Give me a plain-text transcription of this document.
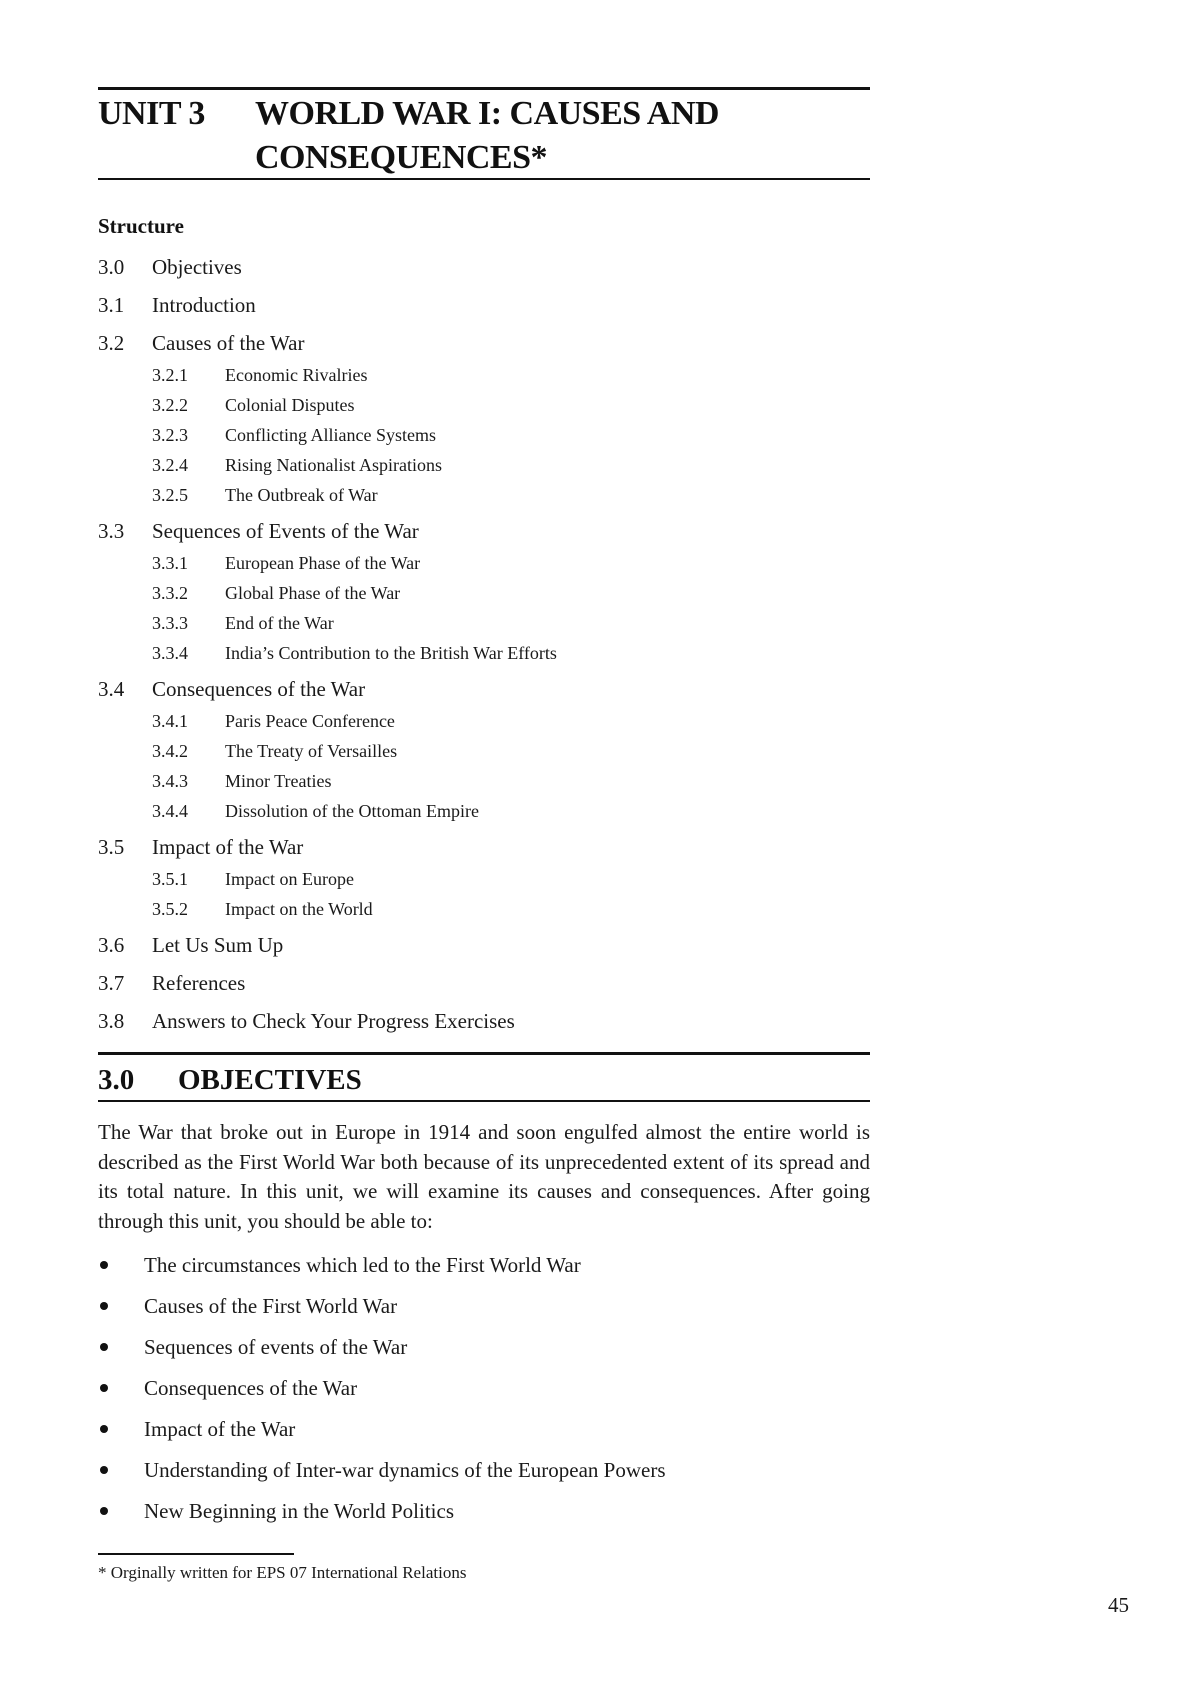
UNIT 3 WORLD WAR I: CAUSES AND
CONSEQUENCES*
Structure
3.0 Objectives
3.1 Introduction
3.2 Causes of the War
3.2.1 Economic Rivalries
3.2.2 Colonial Disputes
3.2.3 Conflicting Alliance Systems
3.2.4 Rising Nationalist Aspirations
3.2.5 The Outbreak of War
3.3 Sequences of Events of the War
3.3.1 European Phase of the War
3.3.2 Global Phase of the War
3.3.3 End of the War
3.3.4 India’s Contribution to the British War Efforts
3.4 Consequences of the War
3.4.1 Paris Peace Conference
3.4.2 The Treaty of Versailles
3.4.3 Minor Treaties
3.4.4 Dissolution of the Ottoman Empire
3.5 Impact of the War
3.5.1 Impact on Europe
3.5.2 Impact on the World
3.6 Let Us Sum Up
3.7 References
3.8 Answers to Check Your Progress Exercises
3.0 OBJECTIVES
The War that broke out in Europe in 1914 and soon engulfed almost the entire world is described as the First World War both because of its unprecedented extent of its spread and its total nature. In this unit, we will examine its causes and consequences. After going through this unit, you should be able to:
The circumstances which led to the First World War
Causes of the First World War
Sequences of events of the War
Consequences of the War
Impact of the War
Understanding of Inter-war dynamics of the European Powers
New Beginning in the World Politics
* Orginally written for EPS 07 International Relations
45
